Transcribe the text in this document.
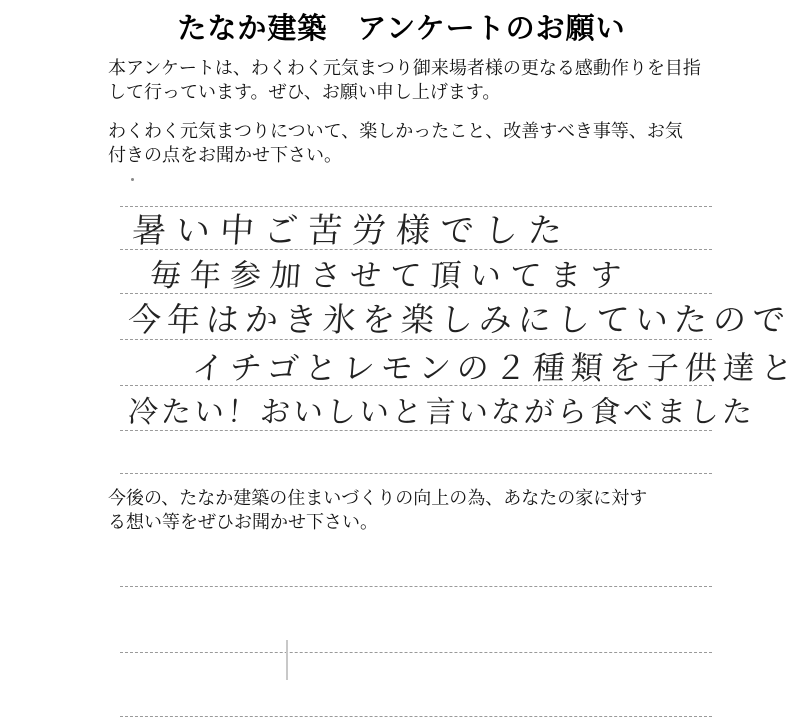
たなか建築　アンケートのお願い
本アンケートは、わくわく元気まつり御来場者様の更なる感動作りを目指
して行っています。ぜひ、お願い申し上げます。
わくわく元気まつりについて、楽しかったこと、改善すべき事等、お気
付きの点をお聞かせ下さい。
暑い中ご苦労様でした
毎年参加させて頂いてます
今年はかき氷を楽しみにしていたので
イチゴとレモンの２種類を子供達と
冷たい！おいしいと言いながら食べました
今後の、たなか建築の住まいづくりの向上の為、あなたの家に対す
る想い等をぜひお聞かせ下さい。
